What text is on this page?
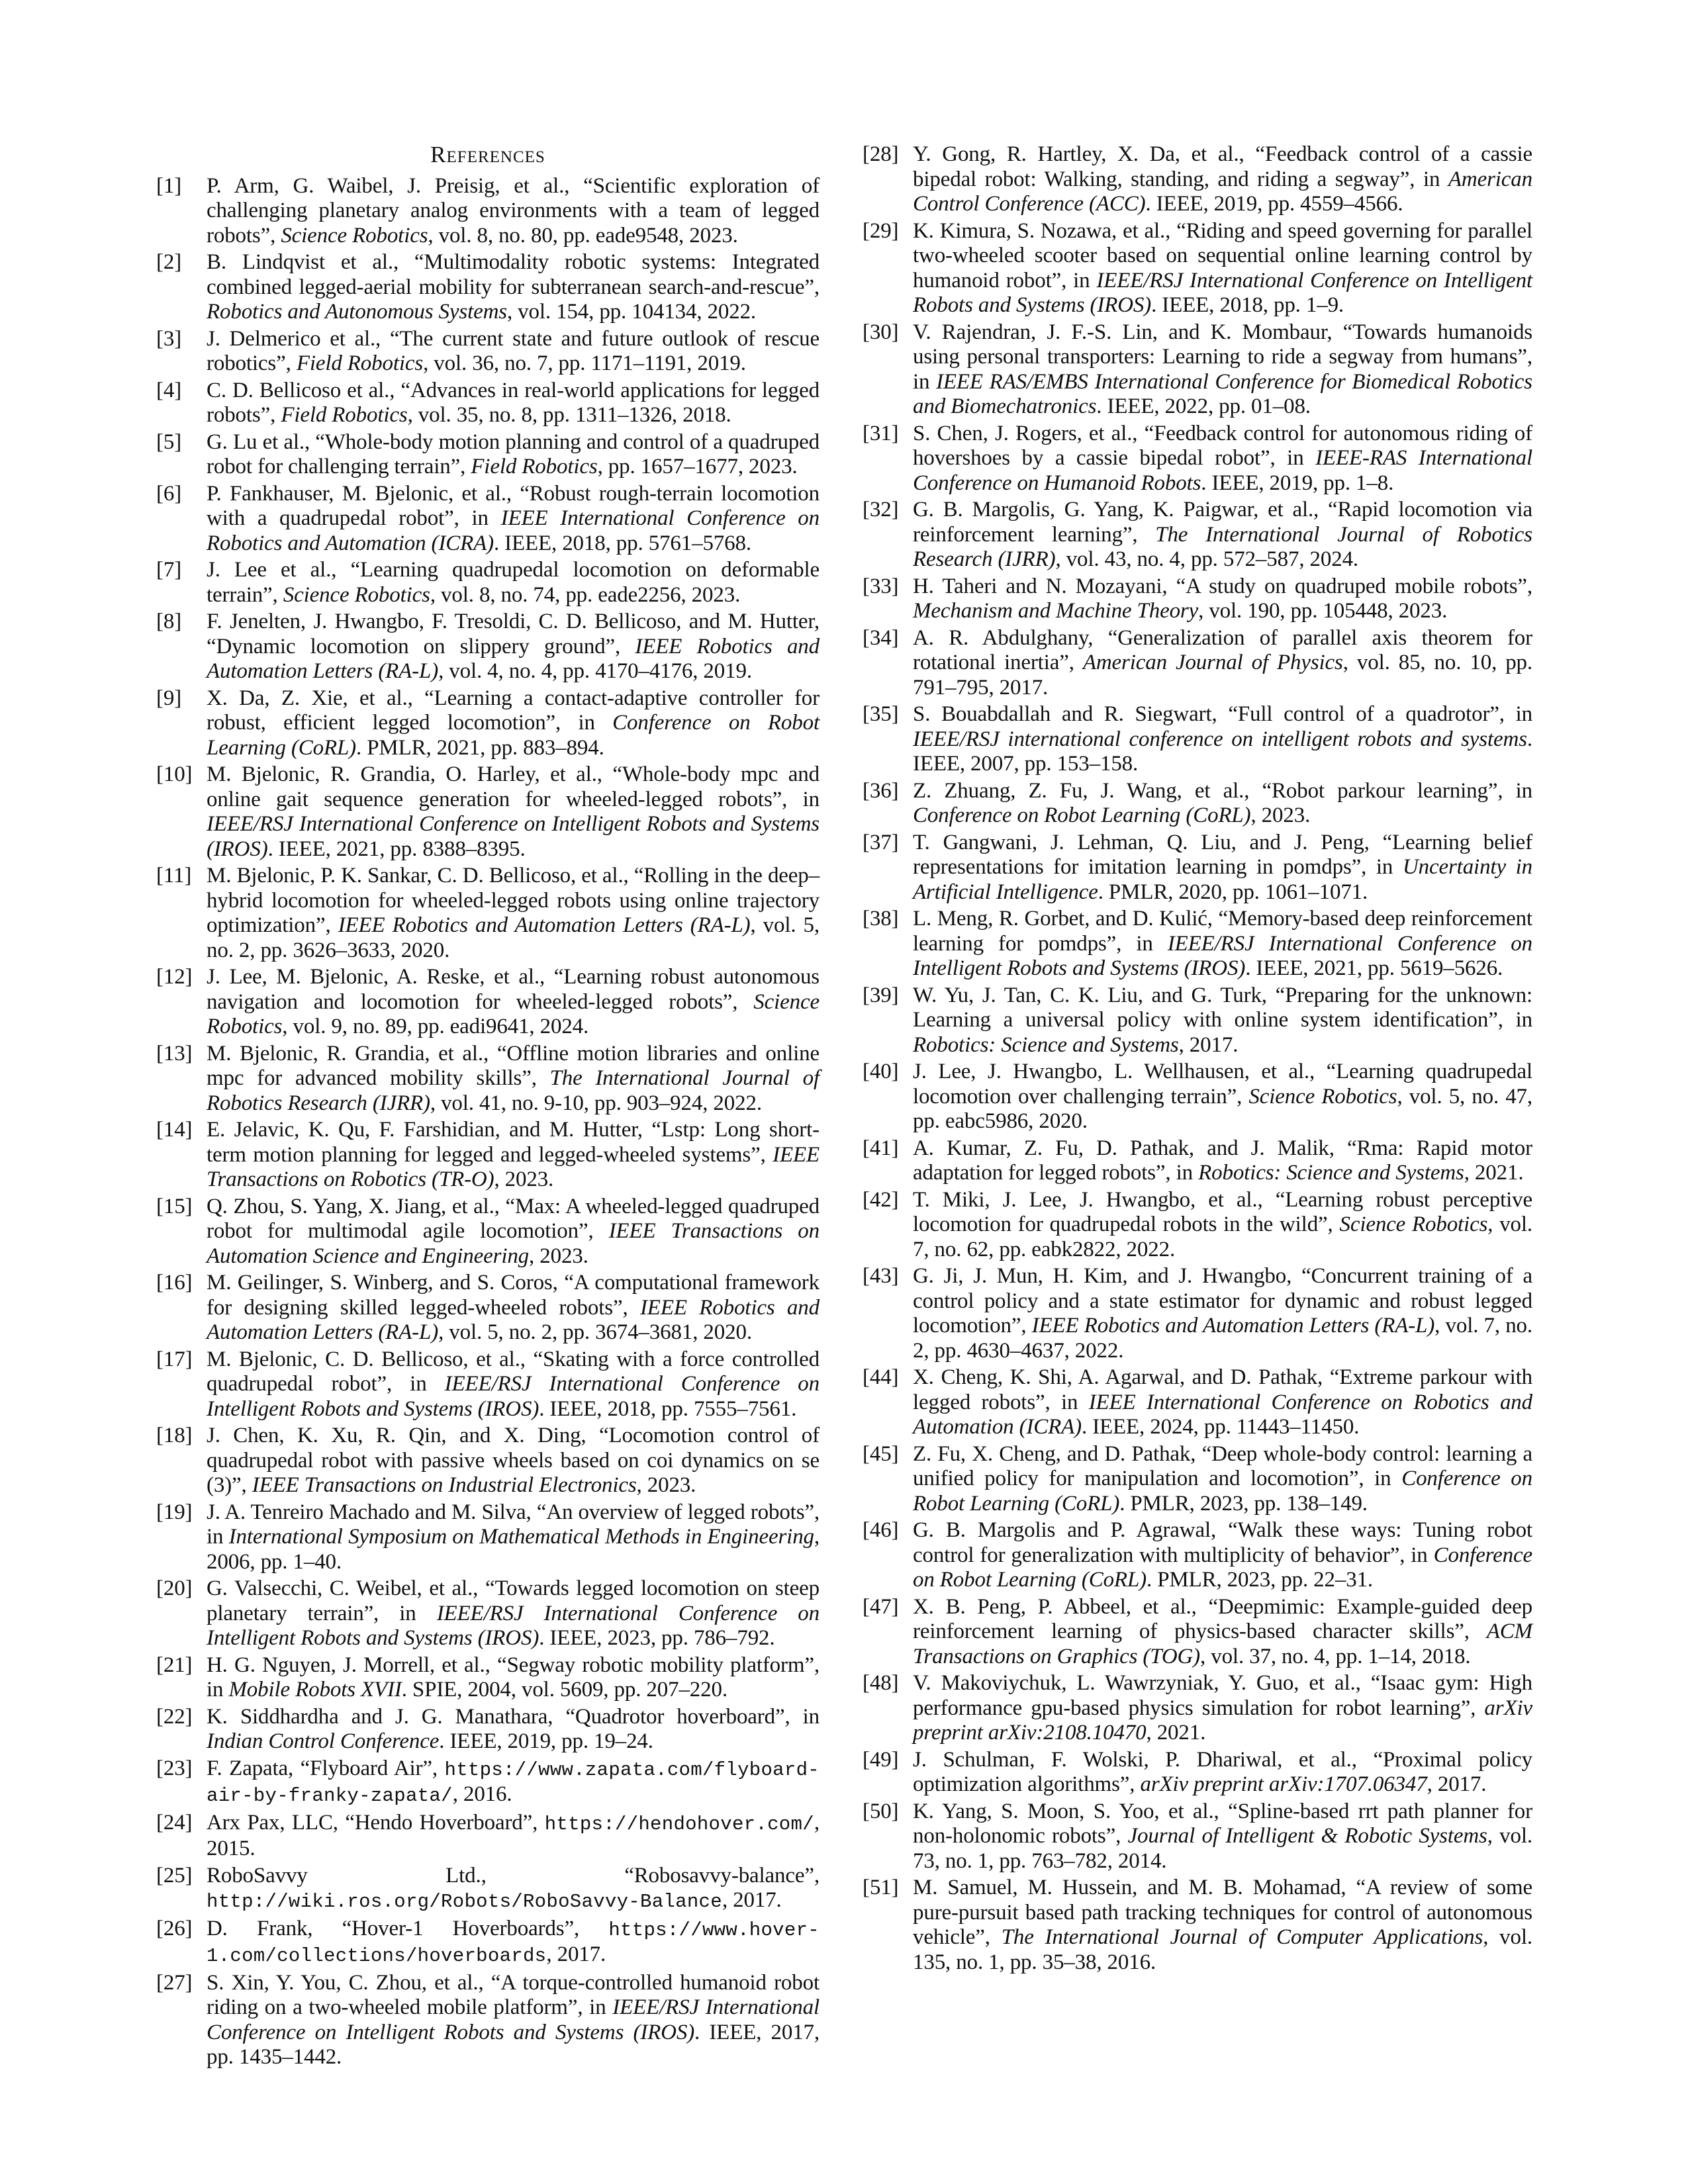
References
[1]	P. Arm, G. Waibel, J. Preisig, et al., “Scientific exploration of challenging planetary analog environments with a team of legged robots”, Science Robotics, vol. 8, no. 80, pp. eade9548, 2023.
[2]	B. Lindqvist et al., “Multimodality robotic systems: Integrated combined legged-aerial mobility for subterranean search-and-rescue”, Robotics and Autonomous Systems, vol. 154, pp. 104134, 2022.
[3]	J. Delmerico et al., “The current state and future outlook of rescue robotics”, Field Robotics, vol. 36, no. 7, pp. 1171–1191, 2019.
[4]	C. D. Bellicoso et al., “Advances in real-world applications for legged robots”, Field Robotics, vol. 35, no. 8, pp. 1311–1326, 2018.
[5]	G. Lu et al., “Whole-body motion planning and control of a quadruped robot for challenging terrain”, Field Robotics, pp. 1657–1677, 2023.
[6]	P. Fankhauser, M. Bjelonic, et al., “Robust rough-terrain locomotion with a quadrupedal robot”, in IEEE International Conference on Robotics and Automation (ICRA). IEEE, 2018, pp. 5761–5768.
[7]	J. Lee et al., “Learning quadrupedal locomotion on deformable terrain”, Science Robotics, vol. 8, no. 74, pp. eade2256, 2023.
[8]	F. Jenelten, J. Hwangbo, F. Tresoldi, C. D. Bellicoso, and M. Hutter, “Dynamic locomotion on slippery ground”, IEEE Robotics and Automation Letters (RA-L), vol. 4, no. 4, pp. 4170–4176, 2019.
[9]	X. Da, Z. Xie, et al., “Learning a contact-adaptive controller for robust, efficient legged locomotion”, in Conference on Robot Learning (CoRL). PMLR, 2021, pp. 883–894.
[10] M. Bjelonic, R. Grandia, O. Harley, et al., “Whole-body mpc and online gait sequence generation for wheeled-legged robots”, in IEEE/RSJ International Conference on Intelligent Robots and Systems (IROS). IEEE, 2021, pp. 8388–8395.
[11] M. Bjelonic, P. K. Sankar, C. D. Bellicoso, et al., “Rolling in the deep–hybrid locomotion for wheeled-legged robots using online trajectory optimization”, IEEE Robotics and Automation Letters (RA-L), vol. 5, no. 2, pp. 3626–3633, 2020.
[12] J. Lee, M. Bjelonic, A. Reske, et al., “Learning robust autonomous navigation and locomotion for wheeled-legged robots”, Science Robotics, vol. 9, no. 89, pp. eadi9641, 2024.
[13] M. Bjelonic, R. Grandia, et al., “Offline motion libraries and online mpc for advanced mobility skills”, The International Journal of Robotics Research (IJRR), vol. 41, no. 9-10, pp. 903–924, 2022.
[14] E. Jelavic, K. Qu, F. Farshidian, and M. Hutter, “Lstp: Long short-term motion planning for legged and legged-wheeled systems”, IEEE Transactions on Robotics (TR-O), 2023.
[15] Q. Zhou, S. Yang, X. Jiang, et al., “Max: A wheeled-legged quadruped robot for multimodal agile locomotion”, IEEE Transactions on Automation Science and Engineering, 2023.
[16] M. Geilinger, S. Winberg, and S. Coros, “A computational framework for designing skilled legged-wheeled robots”, IEEE Robotics and Automation Letters (RA-L), vol. 5, no. 2, pp. 3674–3681, 2020.
[17] M. Bjelonic, C. D. Bellicoso, et al., “Skating with a force controlled quadrupedal robot”, in IEEE/RSJ International Conference on Intelligent Robots and Systems (IROS). IEEE, 2018, pp. 7555–7561.
[18] J. Chen, K. Xu, R. Qin, and X. Ding, “Locomotion control of quadrupedal robot with passive wheels based on coi dynamics on se (3)”, IEEE Transactions on Industrial Electronics, 2023.
[19] J. A. Tenreiro Machado and M. Silva, “An overview of legged robots”, in International Symposium on Mathematical Methods in Engineering, 2006, pp. 1–40.
[20] G. Valsecchi, C. Weibel, et al., “Towards legged locomotion on steep planetary terrain”, in IEEE/RSJ International Conference on Intelligent Robots and Systems (IROS). IEEE, 2023, pp. 786–792.
[21] H. G. Nguyen, J. Morrell, et al., “Segway robotic mobility platform”, in Mobile Robots XVII. SPIE, 2004, vol. 5609, pp. 207–220.
[22] K. Siddhardha and J. G. Manathara, “Quadrotor hoverboard”, in Indian Control Conference. IEEE, 2019, pp. 19–24.
[23] F. Zapata, “Flyboard Air”, https://www.zapata.com/flyboard-air-by-franky-zapata/, 2016.
[24] Arx Pax, LLC, “Hendo Hoverboard”, https://hendohover.com/, 2015.
[25] RoboSavvy Ltd., “Robosavvy-balance”, http://wiki.ros.org/Robots/RoboSavvy-Balance, 2017.
[26] D. Frank, “Hover-1 Hoverboards”, https://www.hover-1.com/collections/hoverboards, 2017.
[27] S. Xin, Y. You, C. Zhou, et al., “A torque-controlled humanoid robot riding on a two-wheeled mobile platform”, in IEEE/RSJ International Conference on Intelligent Robots and Systems (IROS). IEEE, 2017, pp. 1435–1442.
[28] Y. Gong, R. Hartley, X. Da, et al., “Feedback control of a cassie bipedal robot: Walking, standing, and riding a segway”, in American Control Conference (ACC). IEEE, 2019, pp. 4559–4566.
[29] K. Kimura, S. Nozawa, et al., “Riding and speed governing for parallel two-wheeled scooter based on sequential online learning control by humanoid robot”, in IEEE/RSJ International Conference on Intelligent Robots and Systems (IROS). IEEE, 2018, pp. 1–9.
[30] V. Rajendran, J. F.-S. Lin, and K. Mombaur, “Towards humanoids using personal transporters: Learning to ride a segway from humans”, in IEEE RAS/EMBS International Conference for Biomedical Robotics and Biomechatronics. IEEE, 2022, pp. 01–08.
[31] S. Chen, J. Rogers, et al., “Feedback control for autonomous riding of hovershoes by a cassie bipedal robot”, in IEEE-RAS International Conference on Humanoid Robots. IEEE, 2019, pp. 1–8.
[32] G. B. Margolis, G. Yang, K. Paigwar, et al., “Rapid locomotion via reinforcement learning”, The International Journal of Robotics Research (IJRR), vol. 43, no. 4, pp. 572–587, 2024.
[33] H. Taheri and N. Mozayani, “A study on quadruped mobile robots”, Mechanism and Machine Theory, vol. 190, pp. 105448, 2023.
[34] A. R. Abdulghany, “Generalization of parallel axis theorem for rotational inertia”, American Journal of Physics, vol. 85, no. 10, pp. 791–795, 2017.
[35] S. Bouabdallah and R. Siegwart, “Full control of a quadrotor”, in IEEE/RSJ international conference on intelligent robots and systems. IEEE, 2007, pp. 153–158.
[36] Z. Zhuang, Z. Fu, J. Wang, et al., “Robot parkour learning”, in Conference on Robot Learning (CoRL), 2023.
[37] T. Gangwani, J. Lehman, Q. Liu, and J. Peng, “Learning belief representations for imitation learning in pomdps”, in Uncertainty in Artificial Intelligence. PMLR, 2020, pp. 1061–1071.
[38] L. Meng, R. Gorbet, and D. Kulić, “Memory-based deep reinforcement learning for pomdps”, in IEEE/RSJ International Conference on Intelligent Robots and Systems (IROS). IEEE, 2021, pp. 5619–5626.
[39] W. Yu, J. Tan, C. K. Liu, and G. Turk, “Preparing for the unknown: Learning a universal policy with online system identification”, in Robotics: Science and Systems, 2017.
[40] J. Lee, J. Hwangbo, L. Wellhausen, et al., “Learning quadrupedal locomotion over challenging terrain”, Science Robotics, vol. 5, no. 47, pp. eabc5986, 2020.
[41] A. Kumar, Z. Fu, D. Pathak, and J. Malik, “Rma: Rapid motor adaptation for legged robots”, in Robotics: Science and Systems, 2021.
[42] T. Miki, J. Lee, J. Hwangbo, et al., “Learning robust perceptive locomotion for quadrupedal robots in the wild”, Science Robotics, vol. 7, no. 62, pp. eabk2822, 2022.
[43] G. Ji, J. Mun, H. Kim, and J. Hwangbo, “Concurrent training of a control policy and a state estimator for dynamic and robust legged locomotion”, IEEE Robotics and Automation Letters (RA-L), vol. 7, no. 2, pp. 4630–4637, 2022.
[44] X. Cheng, K. Shi, A. Agarwal, and D. Pathak, “Extreme parkour with legged robots”, in IEEE International Conference on Robotics and Automation (ICRA). IEEE, 2024, pp. 11443–11450.
[45] Z. Fu, X. Cheng, and D. Pathak, “Deep whole-body control: learning a unified policy for manipulation and locomotion”, in Conference on Robot Learning (CoRL). PMLR, 2023, pp. 138–149.
[46] G. B. Margolis and P. Agrawal, “Walk these ways: Tuning robot control for generalization with multiplicity of behavior”, in Conference on Robot Learning (CoRL). PMLR, 2023, pp. 22–31.
[47] X. B. Peng, P. Abbeel, et al., “Deepmimic: Example-guided deep reinforcement learning of physics-based character skills”, ACM Transactions on Graphics (TOG), vol. 37, no. 4, pp. 1–14, 2018.
[48] V. Makoviychuk, L. Wawrzyniak, Y. Guo, et al., “Isaac gym: High performance gpu-based physics simulation for robot learning”, arXiv preprint arXiv:2108.10470, 2021.
[49] J. Schulman, F. Wolski, P. Dhariwal, et al., “Proximal policy optimization algorithms”, arXiv preprint arXiv:1707.06347, 2017.
[50] K. Yang, S. Moon, S. Yoo, et al., “Spline-based rrt path planner for non-holonomic robots”, Journal of Intelligent & Robotic Systems, vol. 73, no. 1, pp. 763–782, 2014.
[51] M. Samuel, M. Hussein, and M. B. Mohamad, “A review of some pure-pursuit based path tracking techniques for control of autonomous vehicle”, The International Journal of Computer Applications, vol. 135, no. 1, pp. 35–38, 2016.
